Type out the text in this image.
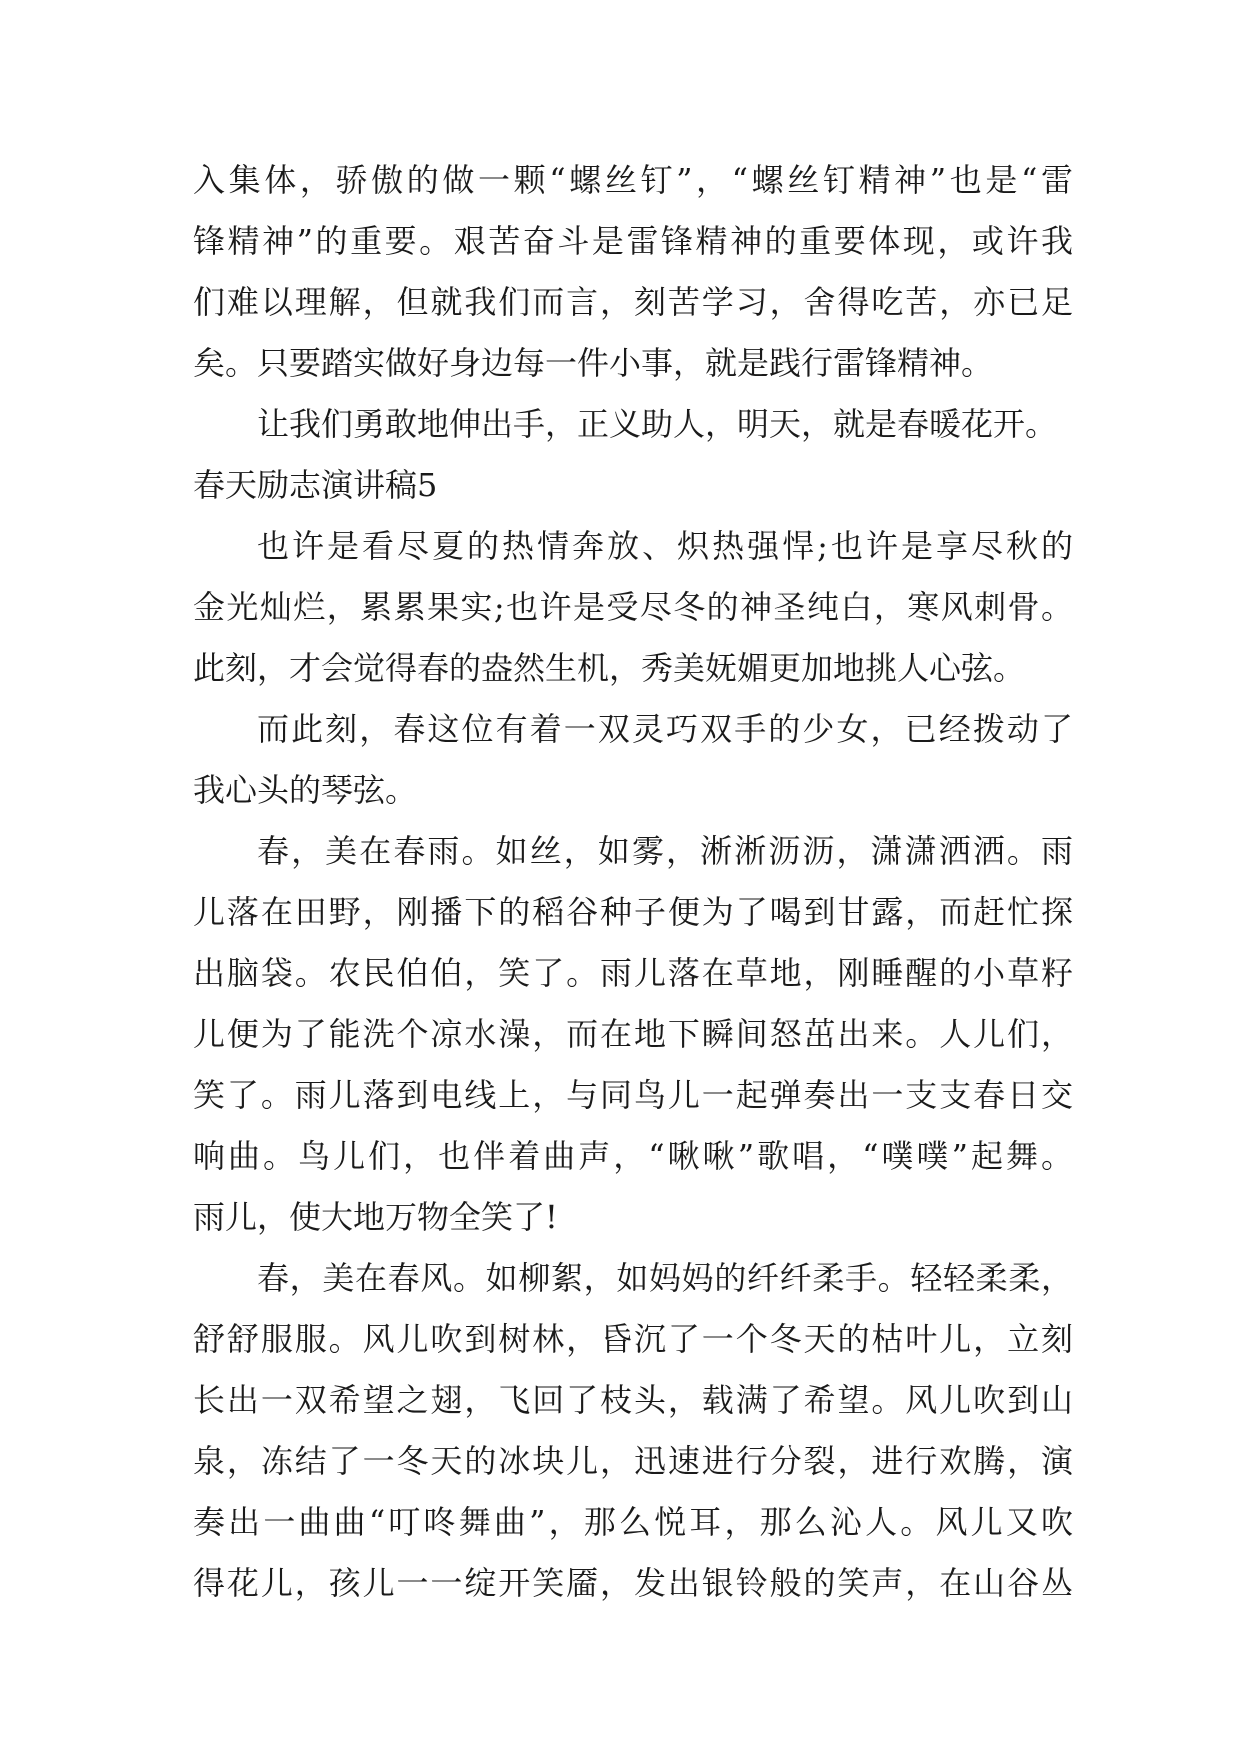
入集体，骄傲的做一颗“螺丝钉”，“螺丝钉精神”也是“雷
锋精神”的重要。艰苦奋斗是雷锋精神的重要体现，或许我
们难以理解，但就我们而言，刻苦学习，舍得吃苦，亦已足
矣。只要踏实做好身边每一件小事，就是践行雷锋精神。
让我们勇敢地伸出手，正义助人，明天，就是春暖花开。
春天励志演讲稿5
也许是看尽夏的热情奔放、炽热强悍;也许是享尽秋的
金光灿烂，累累果实;也许是受尽冬的神圣纯白，寒风刺骨。
此刻，才会觉得春的盎然生机，秀美妩媚更加地挑人心弦。
而此刻，春这位有着一双灵巧双手的少女，已经拨动了
我心头的琴弦。
春，美在春雨。如丝，如雾，淅淅沥沥，潇潇洒洒。雨
儿落在田野，刚播下的稻谷种子便为了喝到甘露，而赶忙探
出脑袋。农民伯伯，笑了。雨儿落在草地，刚睡醒的小草籽
儿便为了能洗个凉水澡，而在地下瞬间怒茁出来。人儿们，
笑了。雨儿落到电线上，与同鸟儿一起弹奏出一支支春日交
响曲。鸟儿们，也伴着曲声，“啾啾”歌唱，“噗噗”起舞。
雨儿，使大地万物全笑了!
春，美在春风。如柳絮，如妈妈的纤纤柔手。轻轻柔柔，
舒舒服服。风儿吹到树林，昏沉了一个冬天的枯叶儿，立刻
长出一双希望之翅，飞回了枝头，载满了希望。风儿吹到山
泉，冻结了一冬天的冰块儿，迅速进行分裂，进行欢腾，演
奏出一曲曲“叮咚舞曲”，那么悦耳，那么沁人。风儿又吹
得花儿，孩儿一一绽开笑靥，发出银铃般的笑声，在山谷丛
